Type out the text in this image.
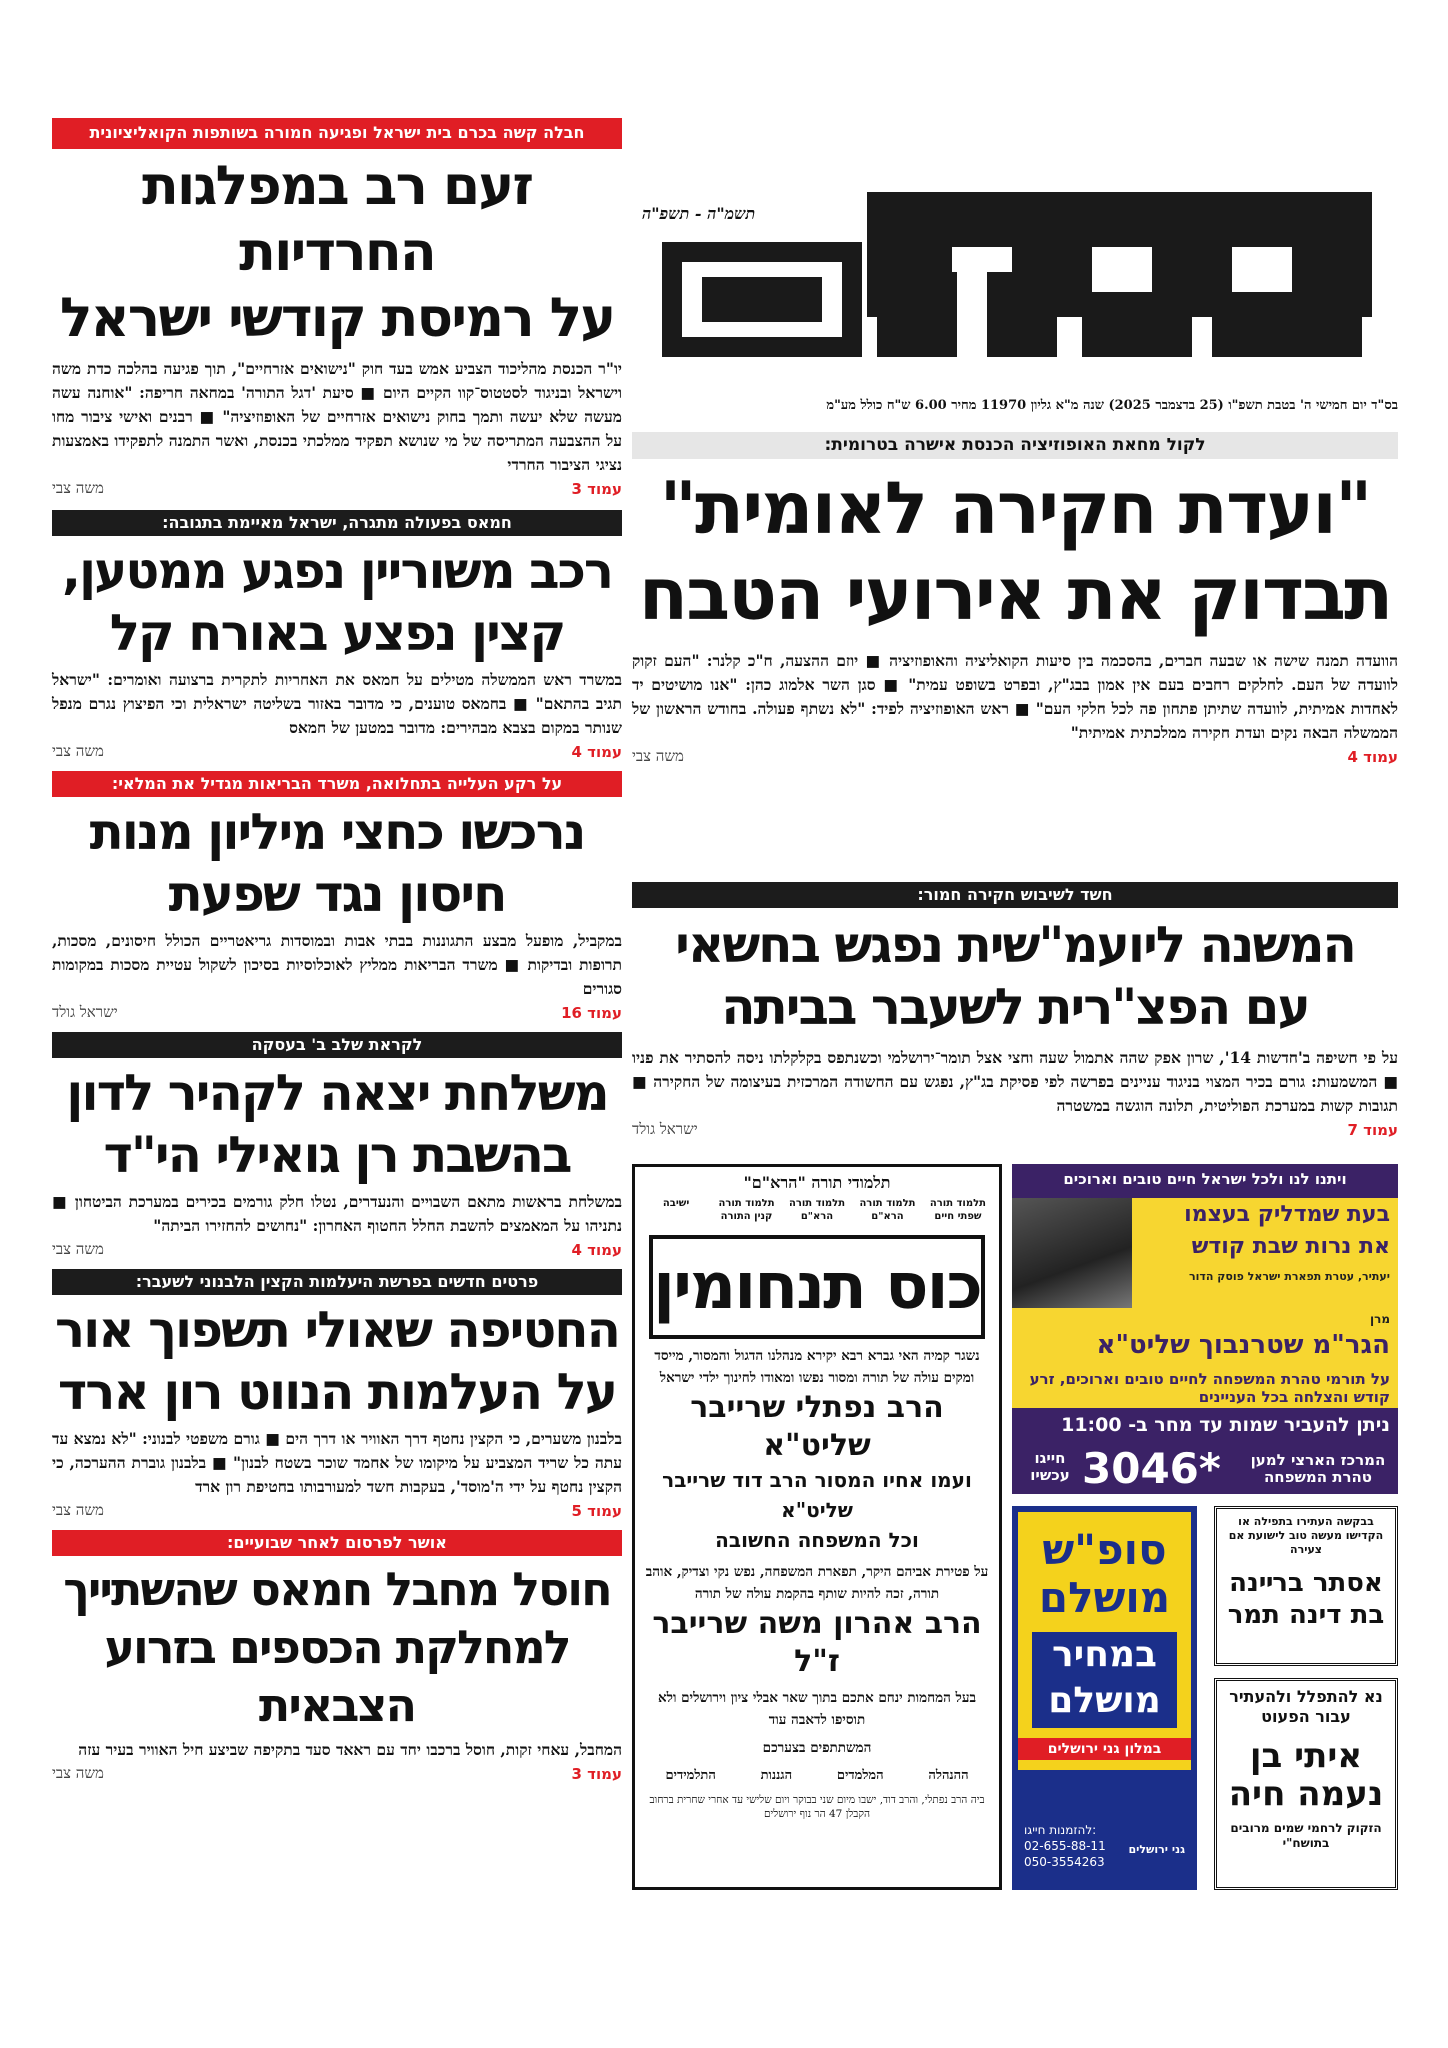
תשמ"ה - תשפ"ה
בס"ד יום חמישי ה' בטבת תשפ"ו (25 בדצמבר 2025) שנה מ"א גליון 11970 מחיר 6.00 ש"ח כולל מע"מ
לקול מחאת האופוזיציה הכנסת אישרה בטרומית:
"ועדת חקירה לאומית"
תבדוק את אירועי הטבח
הוועדה תמנה שישה או שבעה חברים, בהסכמה בין סיעות הקואליציה והאופוזיציה ■ יוזם ההצעה, ח"כ קלנר: "העם זקוק לוועדה של העם. לחלקים רחבים בעם אין אמון בבג"ץ, ובפרט בשופט עמית" ■ סגן השר אלמוג כהן: "אנו מושיטים יד לאחדות אמיתית, לוועדה שתיתן פתחון פה לכל חלקי העם" ■ ראש האופוזיציה לפיד: "לא נשתף פעולה. בחודש הראשון של הממשלה הבאה נקים ועדת חקירה ממלכתית אמיתית"
עמוד 4
משה צבי
חשד לשיבוש חקירה חמור:
המשנה ליועמ"שית נפגש בחשאי
עם הפצ"רית לשעבר בביתה
על פי חשיפה ב'חדשות 14', שרון אפק שהה אתמול שעה וחצי אצל תומר־ירושלמי וכשנתפס בקלקלתו ניסה להסתיר את פניו ■ המשמעות: גורם בכיר המצוי בניגוד עניינים בפרשה לפי פסיקת בג"ץ, נפגש עם החשודה המרכזית בעיצומה של החקירה ■ תגובות קשות במערכת הפוליטית, תלונה הוגשה במשטרה
עמוד 7
ישראל גולד
תלמודי תורה "הרא"ם"
תלמוד תורה שפתי חיים
תלמוד תורה הרא"ם
תלמוד תורה הרא"ם
תלמוד תורה קנין התורה
ישיבה
כוס תנחומין

נשגר קמיה האי גברא רבא יקירא מנהלנו הדגול והמסור, מייסד ומקים עולה של תורה ומסור נפשו ומאודו לחינוך ילדי ישראל

הרב נפתלי שרייבר שליט"א
ועמו אחיו המסור הרב דוד שרייבר שליט"א
וכל המשפחה החשובה

על פטירת אביהם היקר, תפארת המשפחה, נפש נקי וצדיק, אוהב תורה, זכה להיות שותף בהקמת עולה של תורה

הרב אהרון משה שרייבר ז"ל

בעל המחמות ינחם אתכם בתוך שאר אבלי ציון וירושלים ולא תוסיפו לדאבה עוד

המשתתפים בצערכם

ההנהלה
המלמדים
הגננות
התלמידים
ביה הרב נפתלי, והרב דוד, ישבו מיום שני בבוקר ויום שלישי עד אחרי שחרית ברחוב הקבלן 47 הר נוף ירושלים
ויתנו לנו ולכל ישראל חיים טובים וארוכים
בעת שמדליק בעצמו
את נרות שבת קודש
יעתיר, עטרת תפארת ישראל פוסק הדור
מרן
הגר"מ שטרנבוך שליט"א
על תורמי טהרת המשפחה לחיים טובים וארוכים, זרע קודש והצלחה בכל העניינים
ניתן להעביר שמות עד מחר ב- 11:00
*3046
חייגו עכשיו
המרכז הארצי למען טהרת המשפחה
סופ"ש
מושלם
במחיר
מושלם
במלון גני ירושלים
גני ירושלים
להזמנות חייגו:
02-655-88-11
050-3554263
בבקשה העתירו בתפילה או הקדישו מעשה טוב לישועת אם צעירה
אסתר ברײנה בת דינה תמר
נא להתפלל ולהעתיר עבור הפעוט
איתי בן נעמה חיה
הזקוק לרחמי שמים מרובים בתושח"י
חבלה קשה בכרם בית ישראל ופגיעה חמורה בשותפות הקואליציונית
זעם רב במפלגות החרדיות
על רמיסת קודשי ישראל
יו"ר הכנסת מהליכוד הצביע אמש בעד חוק "נישואים אזרחיים", תוך פגיעה בהלכה כדת משה וישראל ובניגוד לסטטוס־קוו הקיים היום ■ סיעת 'דגל התורה' במחאה חריפה: "אוחנה עשה מעשה שלא יעשה ותמך בחוק נישואים אזרחיים של האופוזיציה" ■ רבנים ואישי ציבור מחו על ההצבעה המתריסה של מי שנושא תפקיד ממלכתי בכנסת, ואשר התמנה לתפקידו באמצעות נציגי הציבור החרדי
עמוד 3
משה צבי
חמאס בפעולה מתגרה, ישראל מאיימת בתגובה:
רכב משוריין נפגע ממטען,
קצין נפצע באורח קל
במשרד ראש הממשלה מטילים על חמאס את האחריות לתקרית ברצועה ואומרים: "ישראל תגיב בהתאם" ■ בחמאס טוענים, כי מדובר באזור בשליטה ישראלית וכי הפיצוץ נגרם מנפל שנותר במקום בצבא מבהירים: מדובר במטען של חמאס
עמוד 4
משה צבי
על רקע העלייה בתחלואה, משרד הבריאות מגדיל את המלאי:
נרכשו כחצי מיליון מנות
חיסון נגד שפעת
במקביל, מופעל מבצע התגוננות בבתי אבות ובמוסדות גריאטריים הכולל חיסונים, מסכות, תרופות ובדיקות ■ משרד הבריאות ממליץ לאוכלוסיות בסיכון לשקול עטיית מסכות במקומות סגורים
עמוד 16
ישראל גולד
לקראת שלב ב' בעסקה
משלחת יצאה לקהיר לדון
בהשבת רן גואילי הי"ד
במשלחת בראשות מתאם השבויים והנעדרים, נטלו חלק גורמים בכירים במערכת הביטחון ■ נתניהו על המאמצים להשבת החלל החטוף האחרון: "נחושים להחזירו הביתה"
עמוד 4
משה צבי
פרטים חדשים בפרשת היעלמות הקצין הלבנוני לשעבר:
החטיפה שאולי תשפוך אור
על העלמות הנווט רון ארד
בלבנון משערים, כי הקצין נחטף דרך האוויר או דרך הים ■ גורם משפטי לבנוני: "לא נמצא עד עתה כל שריד המצביע על מיקומו של אחמד שוכר בשטח לבנון" ■ בלבנון גוברת ההערכה, כי הקצין נחטף על ידי ה'מוסד', בעקבות חשד למעורבותו בחטיפת רון ארד
עמוד 5
משה צבי
אושר לפרסום לאחר שבועיים:
חוסל מחבל חמאס שהשתייך
למחלקת הכספים בזרוע הצבאית
המחבל, עאחי זקות, חוסל ברכבו יחד עם ראאד סעד בתקיפה שביצע חיל האוויר בעיר עזה
עמוד 3
משה צבי
